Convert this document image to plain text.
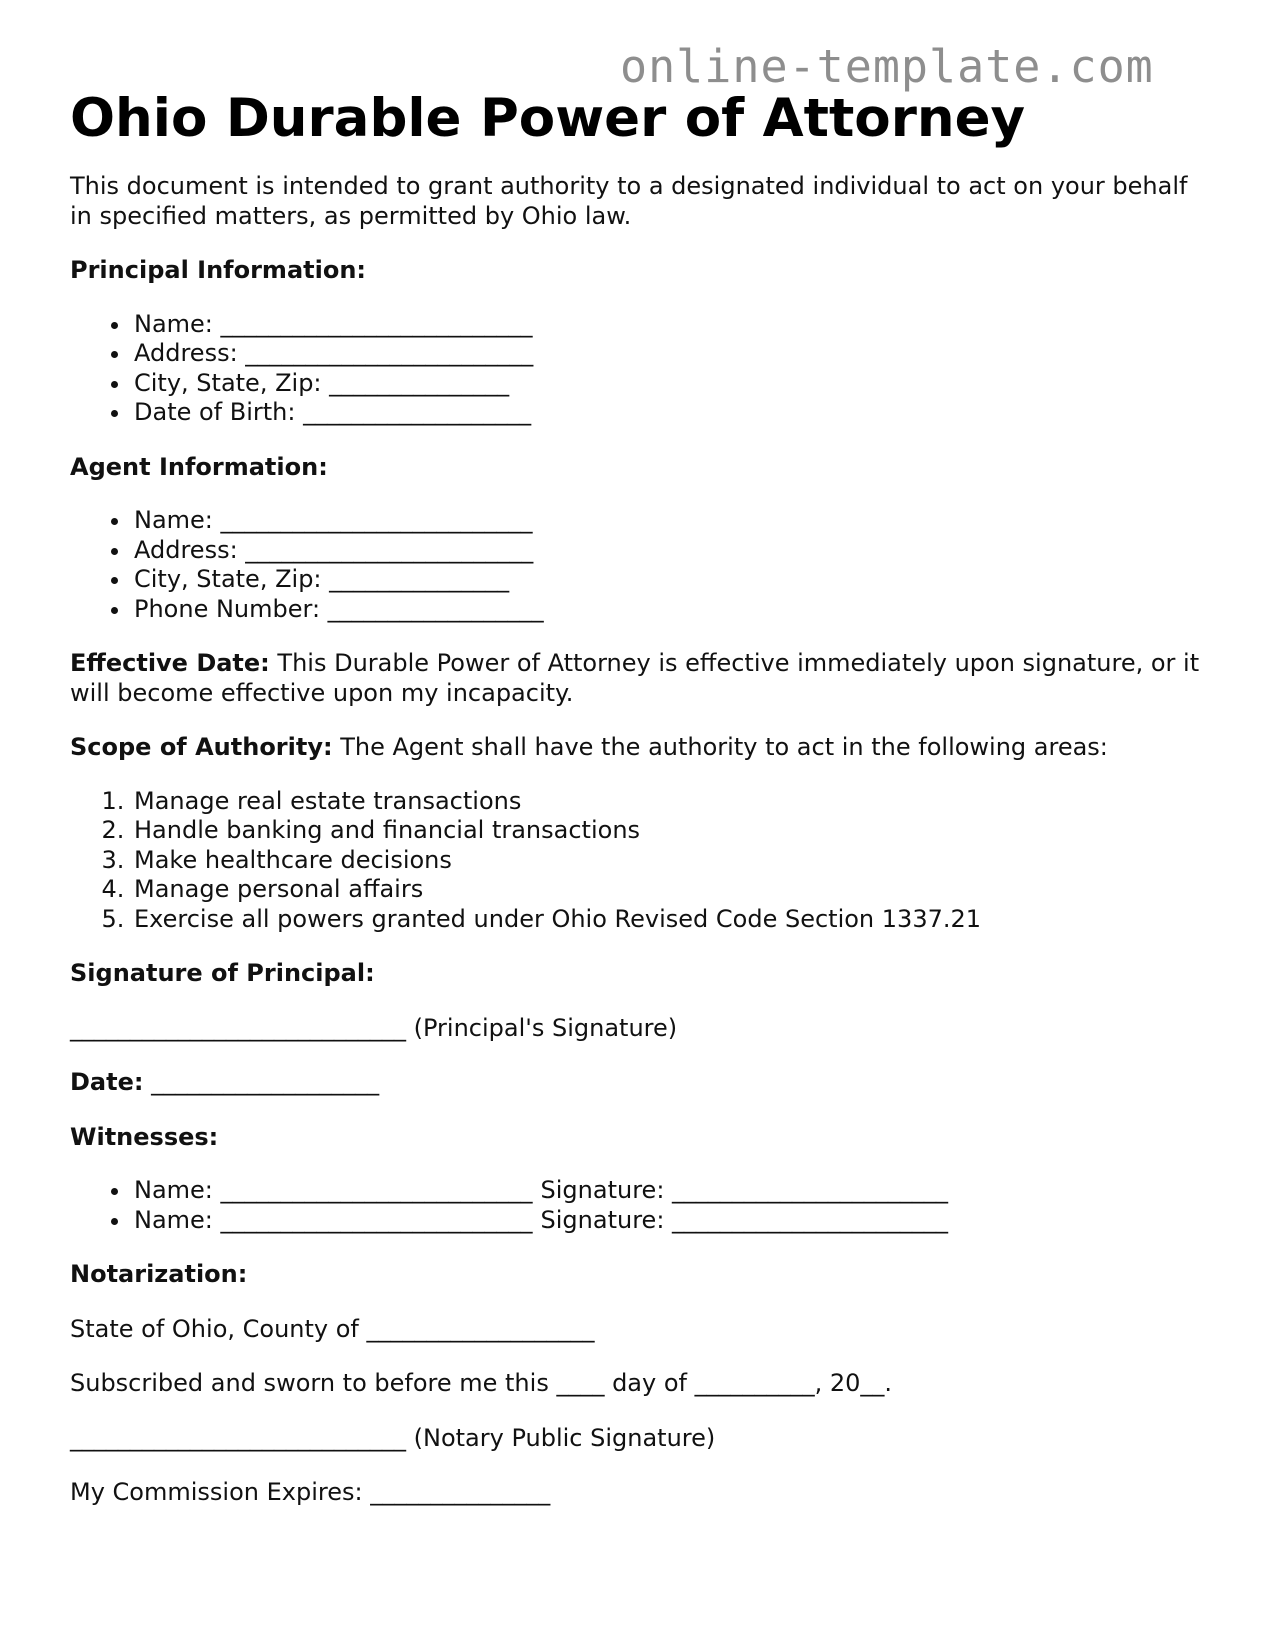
online-template.com
Ohio Durable Power of Attorney

This document is intended to grant authority to a designated individual to act on your behalf in specified matters, as permitted by Ohio law.

Principal Information:

• Name: __________________________
• Address: ________________________
• City, State, Zip: _______________
• Date of Birth: ___________________

Agent Information:

• Name: __________________________
• Address: ________________________
• City, State, Zip: _______________
• Phone Number: __________________

Effective Date: This Durable Power of Attorney is effective immediately upon signature, or it will become effective upon my incapacity.

Scope of Authority: The Agent shall have the authority to act in the following areas:

1. Manage real estate transactions
2. Handle banking and financial transactions
3. Make healthcare decisions
4. Manage personal affairs
5. Exercise all powers granted under Ohio Revised Code Section 1337.21

Signature of Principal:

____________________________ (Principal's Signature)

Date: ___________________

Witnesses:

• Name: __________________________ Signature: _______________________
• Name: __________________________ Signature: _______________________

Notarization:

State of Ohio, County of ___________________

Subscribed and sworn to before me this ____ day of __________, 20__.

____________________________ (Notary Public Signature)

My Commission Expires: _______________
